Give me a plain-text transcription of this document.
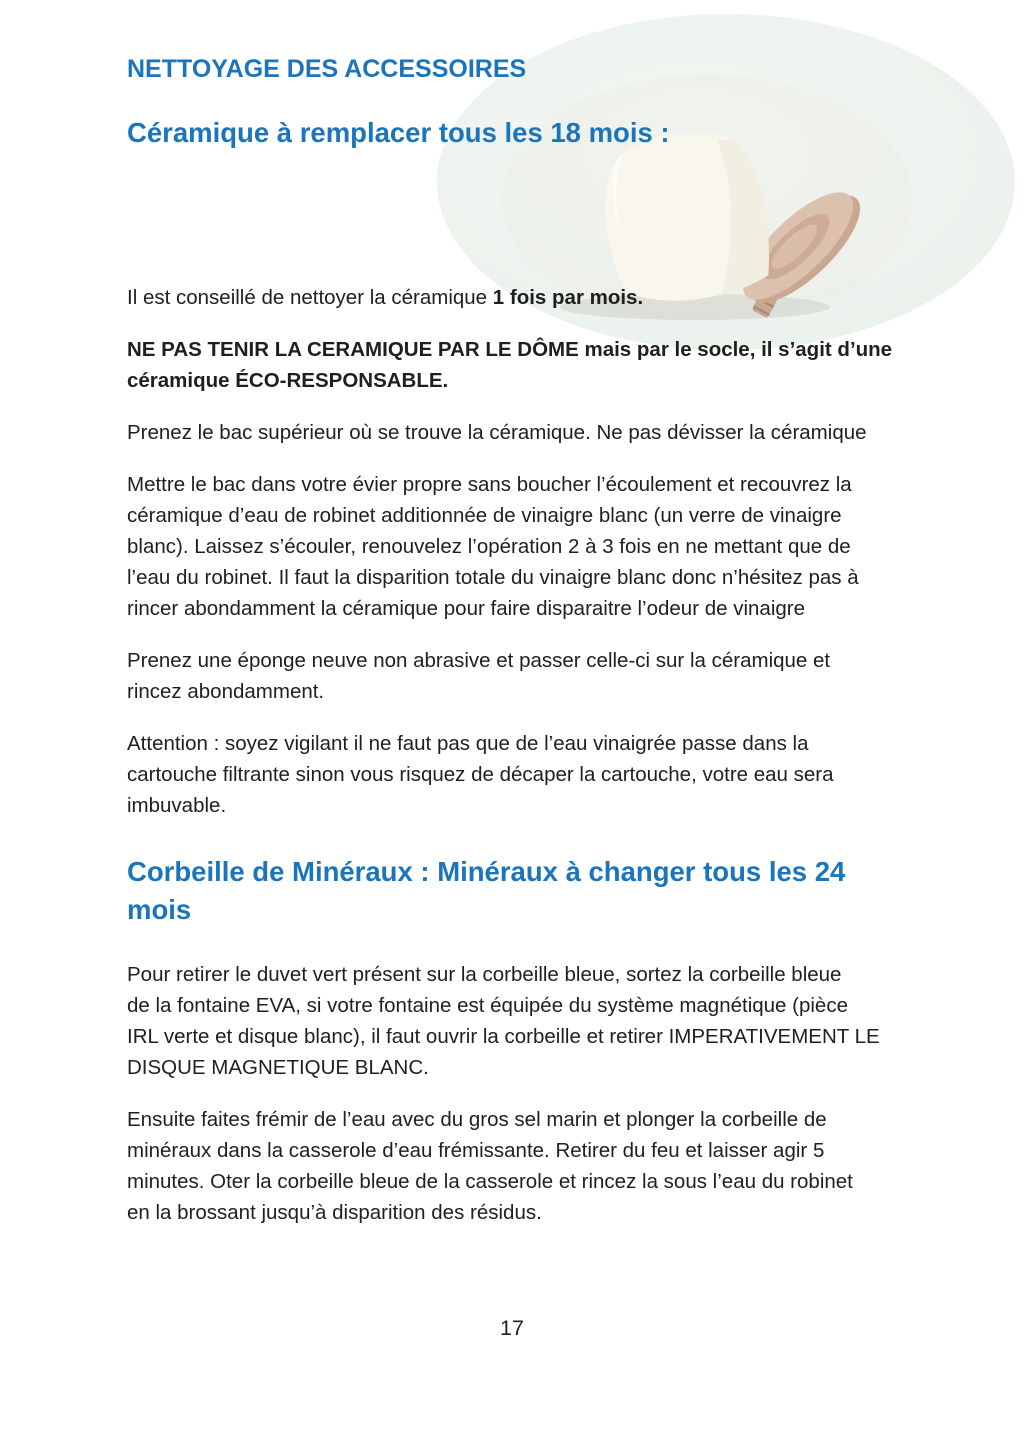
NETTOYAGE DES ACCESSOIRES
Céramique à remplacer tous les 18 mois :

Il est conseillé de nettoyer la céramique 1 fois par mois.

NE PAS TENIR LA CERAMIQUE PAR LE DÔME mais par le socle, il s’agit d’une
céramique ÉCO-RESPONSABLE.

Prenez le bac supérieur où se trouve la céramique. Ne pas dévisser la céramique

Mettre le bac dans votre évier propre sans boucher l’écoulement et recouvrez la
céramique d’eau de robinet additionnée de vinaigre blanc (un verre de vinaigre
blanc). Laissez s’écouler, renouvelez l’opération 2 à 3 fois en ne mettant que de
l’eau du robinet. Il faut la disparition totale du vinaigre blanc donc n’hésitez pas à
rincer abondamment la céramique pour faire disparaitre l’odeur de vinaigre

Prenez une éponge neuve non abrasive et passer celle-ci sur la céramique et
rincez abondamment.

Attention : soyez vigilant il ne faut pas que de l’eau vinaigrée passe dans la
cartouche filtrante sinon vous risquez de décaper la cartouche, votre eau sera
imbuvable.

Corbeille de Minéraux : Minéraux à changer tous les 24
mois

Pour retirer le duvet vert présent sur la corbeille bleue, sortez la corbeille bleue
de la fontaine EVA, si votre fontaine est équipée du système magnétique (pièce
IRL verte et disque blanc), il faut ouvrir la corbeille et retirer IMPERATIVEMENT LE
DISQUE MAGNETIQUE BLANC.

Ensuite faites frémir de l’eau avec du gros sel marin et plonger la corbeille de
minéraux dans la casserole d’eau frémissante. Retirer du feu et laisser agir 5
minutes. Oter la corbeille bleue de la casserole et rincez la sous l’eau du robinet
en la brossant jusqu’à disparition des résidus.

17
